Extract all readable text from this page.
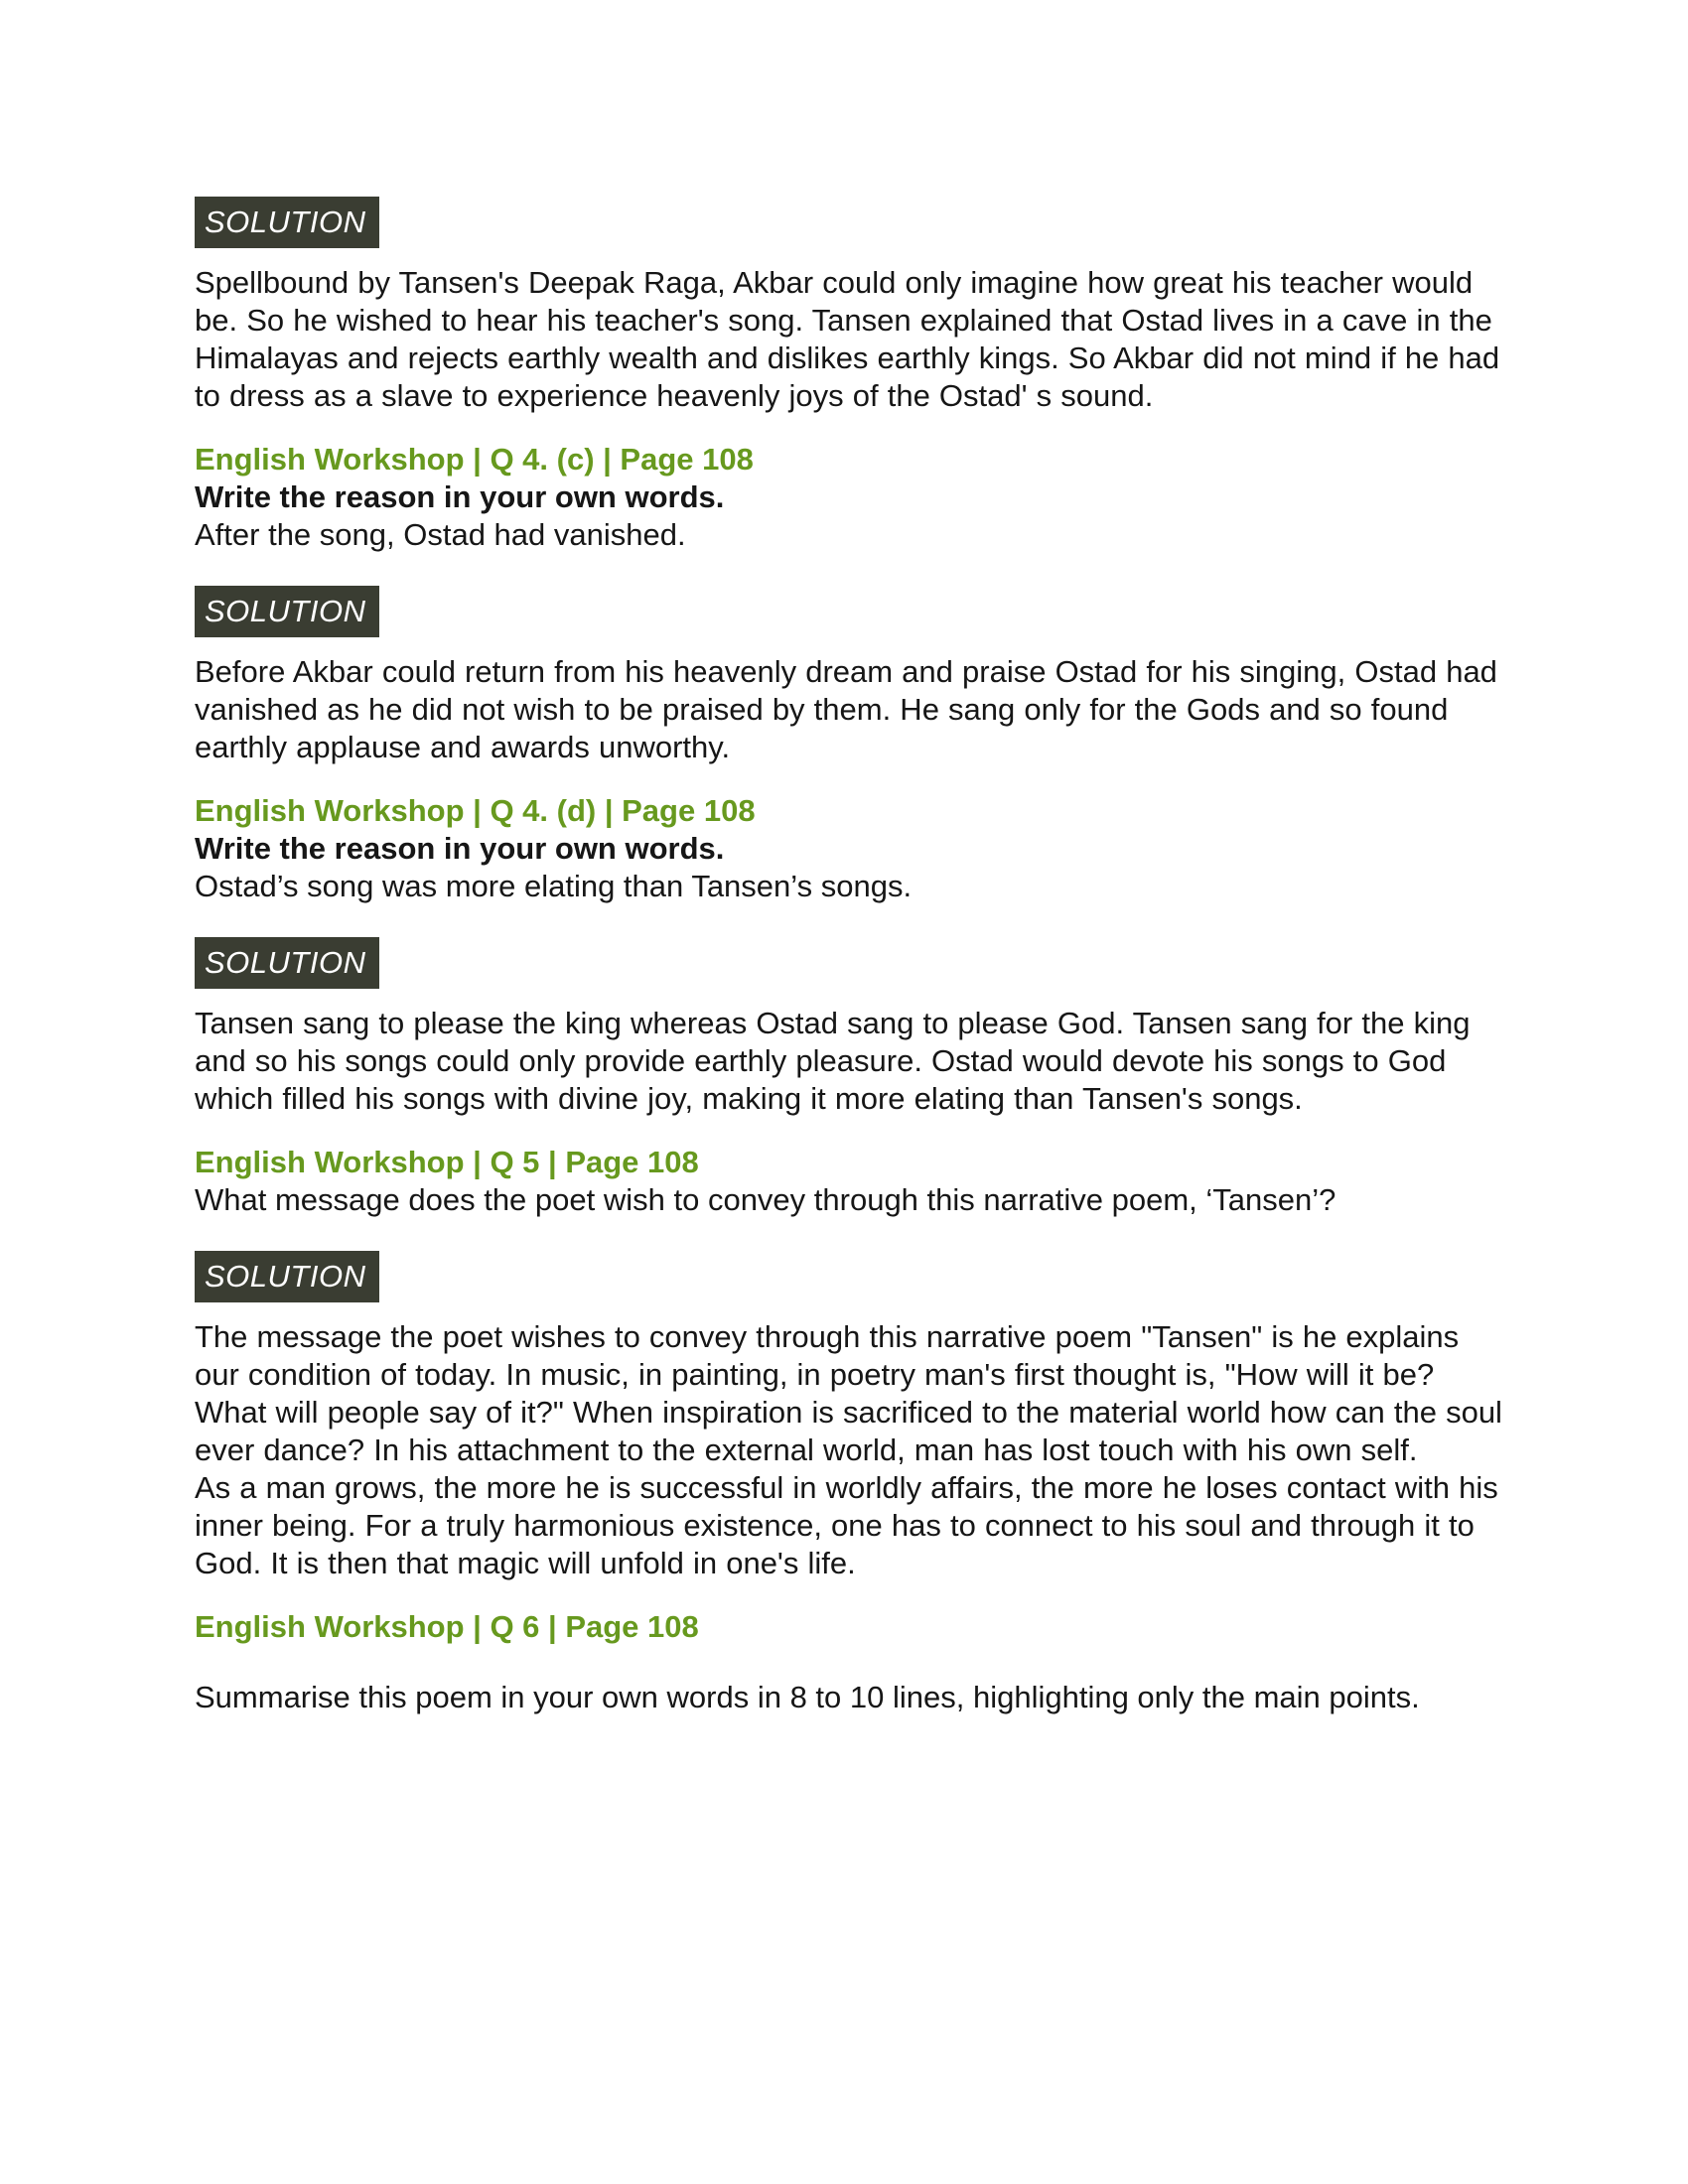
SOLUTION

Spellbound by Tansen's Deepak Raga, Akbar could only imagine how great his teacher would be. So he wished to hear his teacher's song. Tansen explained that Ostad lives in a cave in the Himalayas and rejects earthly wealth and dislikes earthly kings. So Akbar did not mind if he had to dress as a slave to experience heavenly joys of the Ostad' s sound.

English Workshop | Q 4. (c) | Page 108
Write the reason in your own words.
After the song, Ostad had vanished.
SOLUTION

Before Akbar could return from his heavenly dream and praise Ostad for his singing, Ostad had vanished as he did not wish to be praised by them. He sang only for the Gods and so found earthly applause and awards unworthy.

English Workshop | Q 4. (d) | Page 108
Write the reason in your own words.
Ostad’s song was more elating than Tansen’s songs.
SOLUTION

Tansen sang to please the king whereas Ostad sang to please God. Tansen sang for the king and so his songs could only provide earthly pleasure. Ostad would devote his songs to God which filled his songs with divine joy, making it more elating than Tansen's songs.

English Workshop | Q 5 | Page 108
What message does the poet wish to convey through this narrative poem, ‘Tansen’?
SOLUTION

The message the poet wishes to convey through this narrative poem "Tansen" is he explains our condition of today. In music, in painting, in poetry man's first thought is, "How will it be? What will people say of it?" When inspiration is sacrificed to the material world how can the soul ever dance? In his attachment to the external world, man has lost touch with his own self.

As a man grows, the more he is successful in worldly affairs, the more he loses contact with his inner being. For a truly harmonious existence, one has to connect to his soul and through it to God. It is then that magic will unfold in one's life.

English Workshop | Q 6 | Page 108
Summarise this poem in your own words in 8 to 10 lines, highlighting only the main points.
